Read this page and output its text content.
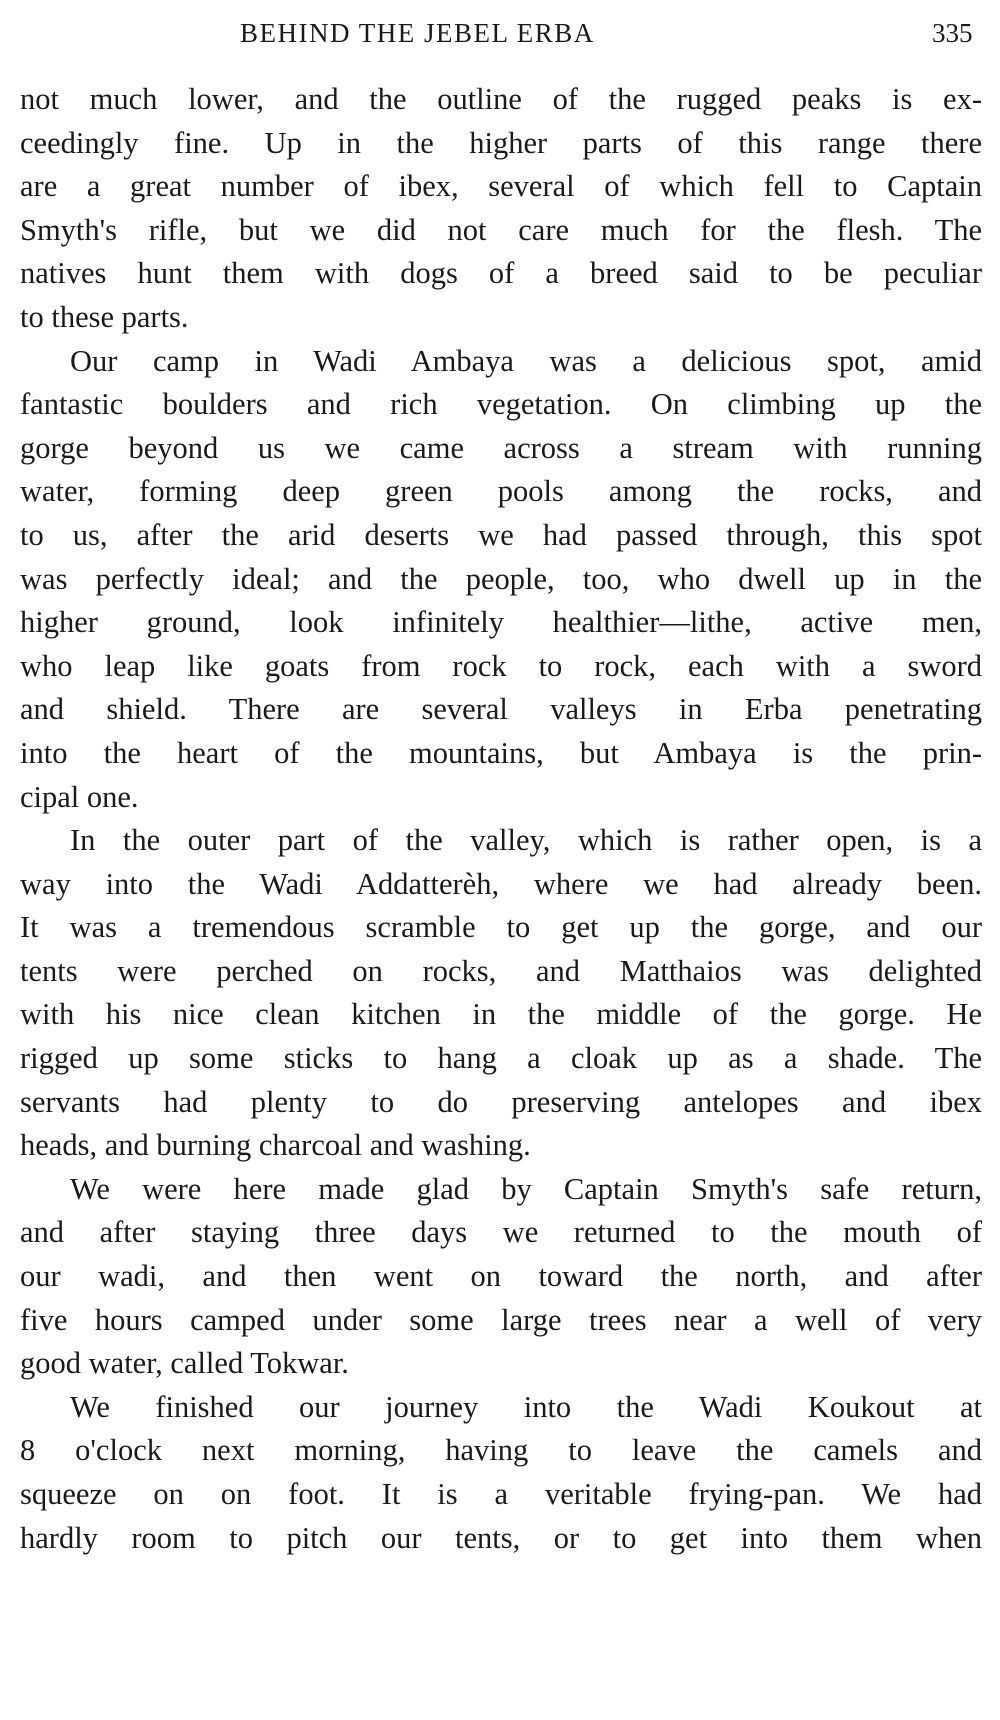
BEHIND THE JEBEL ERBA	335
not much lower, and the outline of the rugged peaks is ex-
ceedingly fine. Up in the higher parts of this range there
are a great number of ibex, several of which fell to Captain
Smyth's rifle, but we did not care much for the flesh. The
natives hunt them with dogs of a breed said to be peculiar
to these parts.
Our camp in Wadi Ambaya was a delicious spot, amid
fantastic boulders and rich vegetation. On climbing up the
gorge beyond us we came across a stream with running
water, forming deep green pools among the rocks, and
to us, after the arid deserts we had passed through, this spot
was perfectly ideal; and the people, too, who dwell up in the
higher ground, look infinitely healthier—lithe, active men,
who leap like goats from rock to rock, each with a sword
and shield. There are several valleys in Erba penetrating
into the heart of the mountains, but Ambaya is the prin-
cipal one.
In the outer part of the valley, which is rather open, is a
way into the Wadi Addatterèh, where we had already been.
It was a tremendous scramble to get up the gorge, and our
tents were perched on rocks, and Matthaios was delighted
with his nice clean kitchen in the middle of the gorge. He
rigged up some sticks to hang a cloak up as a shade. The
servants had plenty to do preserving antelopes and ibex
heads, and burning charcoal and washing.
We were here made glad by Captain Smyth's safe return,
and after staying three days we returned to the mouth of
our wadi, and then went on toward the north, and after
five hours camped under some large trees near a well of very
good water, called Tokwar.
We finished our journey into the Wadi Koukout at
8 o'clock next morning, having to leave the camels and
squeeze on on foot. It is a veritable frying-pan. We had
hardly room to pitch our tents, or to get into them when
